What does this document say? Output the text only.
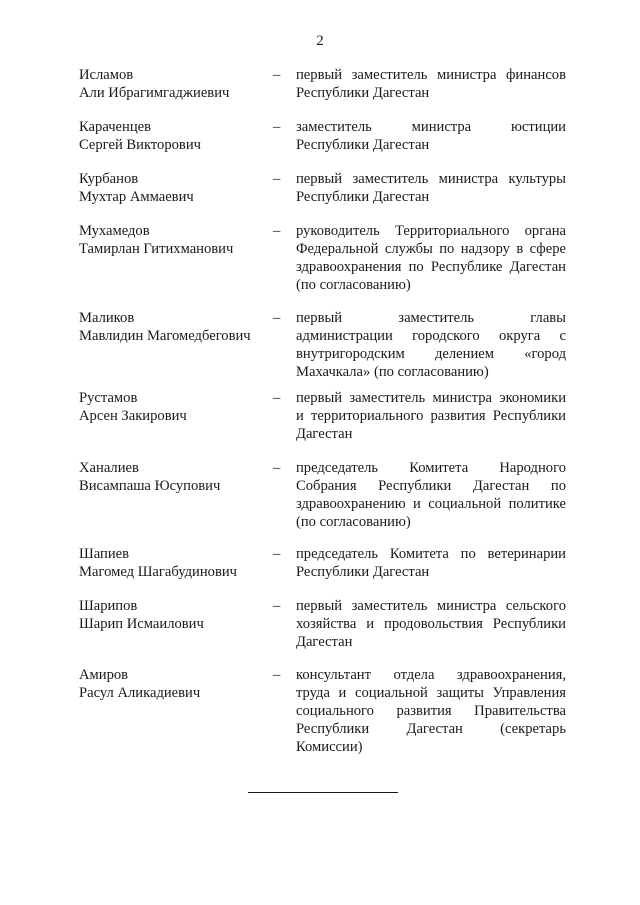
2
Исламов
Али Ибрагимгаджиевич
– первый заместитель министра финансов
Республики Дагестан
Караченцев
Сергей Викторович
– заместитель министра юстиции
Республики Дагестан
Курбанов
Мухтар Аммаевич
– первый заместитель министра культуры
Республики Дагестан
Мухамедов
Тамирлан Гитихманович
– руководитель Территориального органа
Федеральной службы по надзору в сфере
здравоохранения по Республике Дагестан
(по согласованию)
Маликов
Мавлидин Магомедбегович
– первый заместитель главы
администрации городского округа с
внутригородским делением «город
Махачкала» (по согласованию)
Рустамов
Арсен Закирович
– первый заместитель министра экономики
и территориального развития Республики
Дагестан
Ханалиев
Висампаша Юсупович
– председатель Комитета Народного
Собрания Республики Дагестан по
здравоохранению и социальной политике
(по согласованию)
Шапиев
Магомед Шагабудинович
– председатель Комитета по ветеринарии
Республики Дагестан
Шарипов
Шарип Исмаилович
– первый заместитель министра сельского
хозяйства и продовольствия Республики
Дагестан
Амиров
Расул Аликадиевич
– консультант отдела здравоохранения,
труда и социальной защиты Управления
социального развития Правительства
Республики Дагестан (секретарь
Комиссии)
